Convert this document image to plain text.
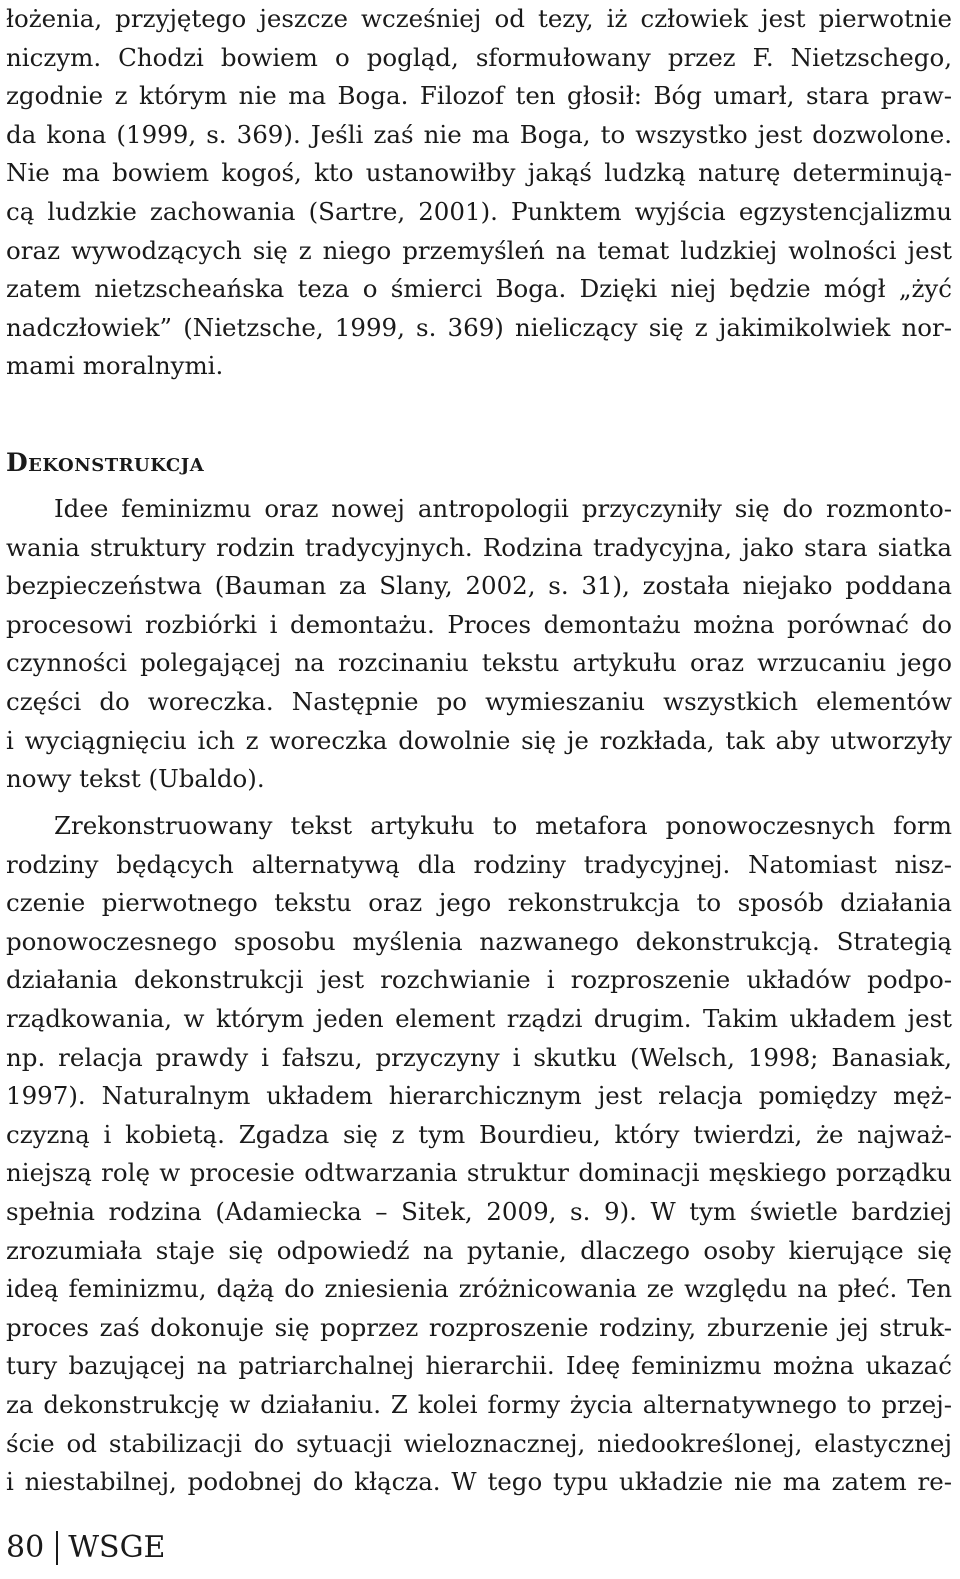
łożenia, przyjętego jeszcze wcześniej od tezy, iż człowiek jest pierwotnie
niczym. Chodzi bowiem o pogląd, sformułowany przez F. Nietzschego,
zgodnie z którym nie ma Boga. Filozof ten głosił: Bóg umarł, stara praw-
da kona (1999, s. 369). Jeśli zaś nie ma Boga, to wszystko jest dozwolone.
Nie ma bowiem kogoś, kto ustanowiłby jakąś ludzką naturę determinują-
cą ludzkie zachowania (Sartre, 2001). Punktem wyjścia egzystencjalizmu
oraz wywodzących się z niego przemyśleń na temat ludzkiej wolności jest
zatem nietzscheańska teza o śmierci Boga. Dzięki niej będzie mógł „żyć
nadczłowiek” (Nietzsche, 1999, s. 369) nieliczący się z jakimikolwiek nor-
mami moralnymi.
Dekonstrukcja
Idee feminizmu oraz nowej antropologii przyczyniły się do rozmonto-
wania struktury rodzin tradycyjnych. Rodzina tradycyjna, jako stara siatka
bezpieczeństwa (Bauman za Slany, 2002, s. 31), została niejako poddana
procesowi rozbiórki i demontażu. Proces demontażu można porównać do
czynności polegającej na rozcinaniu tekstu artykułu oraz wrzucaniu jego
części do woreczka. Następnie po wymieszaniu wszystkich elementów
i wyciągnięciu ich z woreczka dowolnie się je rozkłada, tak aby utworzyły
nowy tekst (Ubaldo).
Zrekonstruowany tekst artykułu to metafora ponowoczesnych form
rodziny będących alternatywą dla rodziny tradycyjnej. Natomiast nisz-
czenie pierwotnego tekstu oraz jego rekonstrukcja to sposób działania
ponowoczesnego sposobu myślenia nazwanego dekonstrukcją. Strategią
działania dekonstrukcji jest rozchwianie i rozproszenie układów podpo-
rządkowania, w którym jeden element rządzi drugim. Takim układem jest
np. relacja prawdy i fałszu, przyczyny i skutku (Welsch, 1998; Banasiak,
1997). Naturalnym układem hierarchicznym jest relacja pomiędzy męż-
czyzną i kobietą. Zgadza się z tym Bourdieu, który twierdzi, że najważ-
niejszą rolę w procesie odtwarzania struktur dominacji męskiego porządku
spełnia rodzina (Adamiecka – Sitek, 2009, s. 9). W tym świetle bardziej
zrozumiała staje się odpowiedź na pytanie, dlaczego osoby kierujące się
ideą feminizmu, dążą do zniesienia zróżnicowania ze względu na płeć. Ten
proces zaś dokonuje się poprzez rozproszenie rodziny, zburzenie jej struk-
tury bazującej na patriarchalnej hierarchii. Ideę feminizmu można ukazać
za dekonstrukcję w działaniu. Z kolei formy życia alternatywnego to przej-
ście od stabilizacji do sytuacji wieloznacznej, niedookreślonej, elastycznej
i niestabilnej, podobnej do kłącza. W tego typu układzie nie ma zatem re-
80 WSGE
